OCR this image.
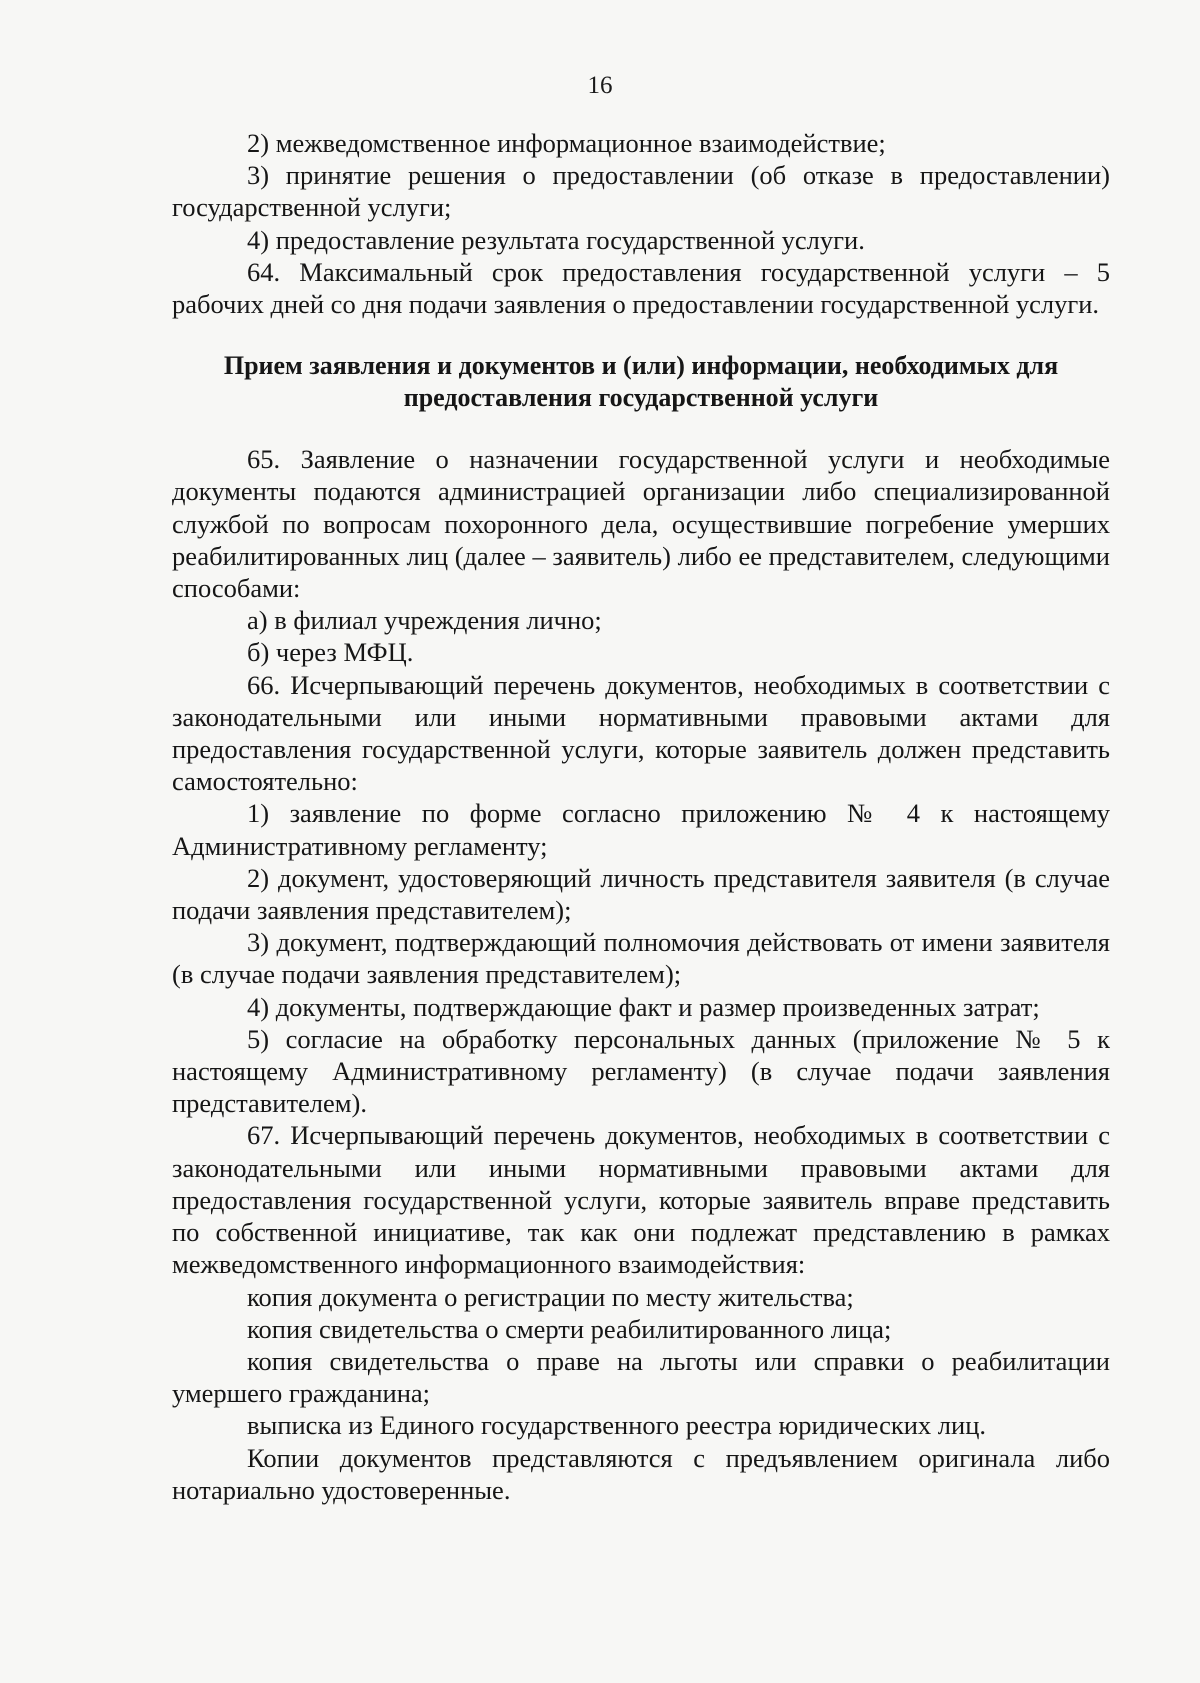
16

2) межведомственное информационное взаимодействие;

3) принятие решения о предоставлении (об отказе в предоставлении) государственной услуги;

4) предоставление результата государственной услуги.

64. Максимальный срок предоставления государственной услуги – 5 рабочих дней со дня подачи заявления о предоставлении государственной услуги.

Прием заявления и документов и (или) информации, необходимых для
предоставления государственной услуги

65. Заявление о назначении государственной услуги и необходимые документы подаются администрацией организации либо специализированной службой по вопросам похоронного дела, осуществившие погребение умерших реабилитированных лиц (далее – заявитель) либо ее представителем, следующими способами:

а) в филиал учреждения лично;

б) через МФЦ.

66. Исчерпывающий перечень документов, необходимых в соответствии с законодательными или иными нормативными правовыми актами для предоставления государственной услуги, которые заявитель должен представить самостоятельно:

1) заявление по форме согласно приложению № 4 к настоящему Административному регламенту;

2) документ, удостоверяющий личность представителя заявителя (в случае подачи заявления представителем);

3) документ, подтверждающий полномочия действовать от имени заявителя (в случае подачи заявления представителем);

4) документы, подтверждающие факт и размер произведенных затрат;

5) согласие на обработку персональных данных (приложение № 5 к настоящему Административному регламенту) (в случае подачи заявления представителем).

67. Исчерпывающий перечень документов, необходимых в соответствии с законодательными или иными нормативными правовыми актами для предоставления государственной услуги, которые заявитель вправе представить по собственной инициативе, так как они подлежат представлению в рамках межведомственного информационного взаимодействия:

копия документа о регистрации по месту жительства;

копия свидетельства о смерти реабилитированного лица;

копия свидетельства о праве на льготы или справки о реабилитации умершего гражданина;

выписка из Единого государственного реестра юридических лиц.

Копии документов представляются с предъявлением оригинала либо нотариально удостоверенные.
